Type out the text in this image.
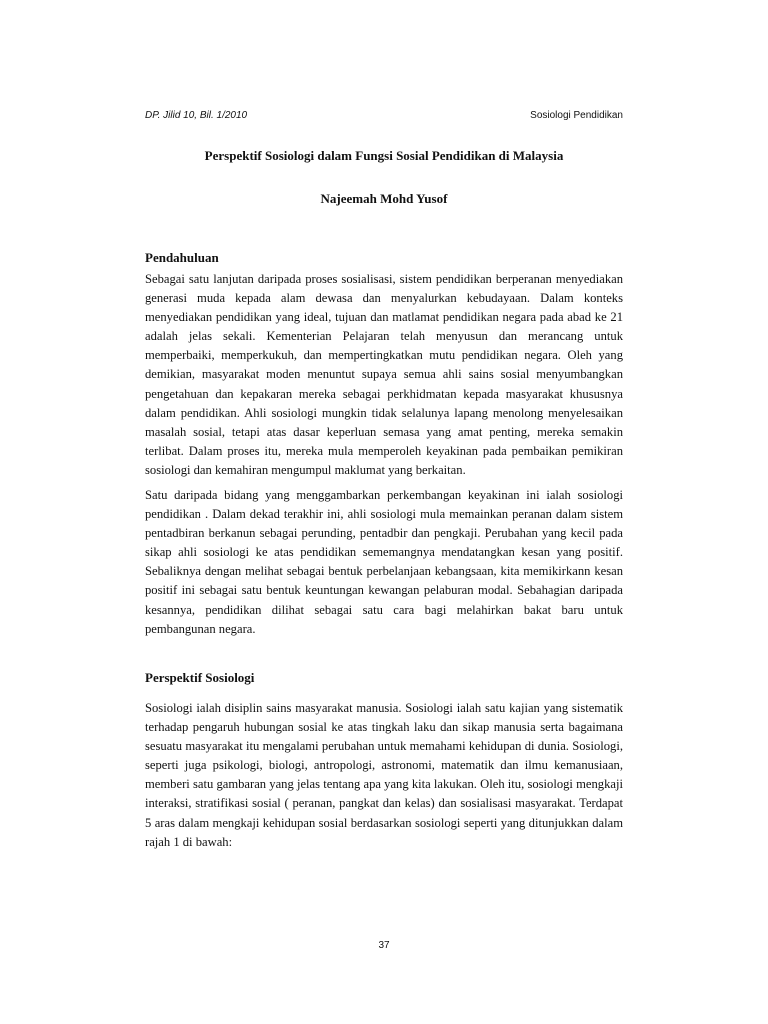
DP. Jilid 10, Bil. 1/2010	Sosiologi Pendidikan
Perspektif Sosiologi dalam Fungsi Sosial Pendidikan di Malaysia
Najeemah Mohd Yusof
Pendahuluan

Sebagai satu lanjutan daripada proses sosialisasi, sistem pendidikan berperanan menyediakan generasi muda kepada alam dewasa dan menyalurkan kebudayaan. Dalam konteks menyediakan pendidikan yang ideal, tujuan dan matlamat pendidikan negara pada abad ke 21 adalah jelas sekali. Kementerian Pelajaran telah menyusun dan merancang untuk memperbaiki, memperkukuh, dan mempertingkatkan mutu pendidikan negara. Oleh yang demikian, masyarakat moden menuntut supaya semua ahli sains sosial menyumbangkan pengetahuan dan kepakaran mereka sebagai perkhidmatan kepada masyarakat khususnya dalam pendidikan. Ahli sosiologi mungkin tidak selalunya lapang menolong menyelesaikan masalah sosial, tetapi atas dasar keperluan semasa yang amat penting, mereka semakin terlibat. Dalam proses itu, mereka mula memperoleh keyakinan pada pembaikan pemikiran sosiologi dan kemahiran mengumpul maklumat yang berkaitan.

Satu daripada bidang yang menggambarkan perkembangan keyakinan ini ialah sosiologi pendidikan . Dalam dekad terakhir ini, ahli sosiologi mula memainkan peranan dalam sistem pentadbiran berkanun sebagai perunding, pentadbir dan pengkaji. Perubahan yang kecil pada sikap ahli sosiologi ke atas pendidikan sememangnya mendatangkan kesan yang positif. Sebaliknya dengan melihat sebagai bentuk perbelanjaan kebangsaan, kita memikirkann kesan positif ini sebagai satu bentuk keuntungan kewangan pelaburan modal. Sebahagian daripada kesannya, pendidikan dilihat sebagai satu cara bagi melahirkan bakat baru untuk pembangunan negara.

Perspektif Sosiologi

Sosiologi ialah disiplin sains masyarakat manusia. Sosiologi ialah satu kajian yang sistematik terhadap pengaruh hubungan sosial ke atas tingkah laku dan sikap manusia serta bagaimana sesuatu masyarakat itu mengalami perubahan untuk memahami kehidupan di dunia. Sosiologi, seperti juga psikologi, biologi, antropologi, astronomi, matematik dan ilmu kemanusiaan, memberi satu gambaran yang jelas tentang apa yang kita lakukan. Oleh itu, sosiologi mengkaji interaksi, stratifikasi sosial ( peranan, pangkat dan kelas) dan sosialisasi masyarakat. Terdapat 5 aras dalam mengkaji kehidupan sosial berdasarkan sosiologi seperti yang ditunjukkan dalam rajah 1 di bawah:

37
